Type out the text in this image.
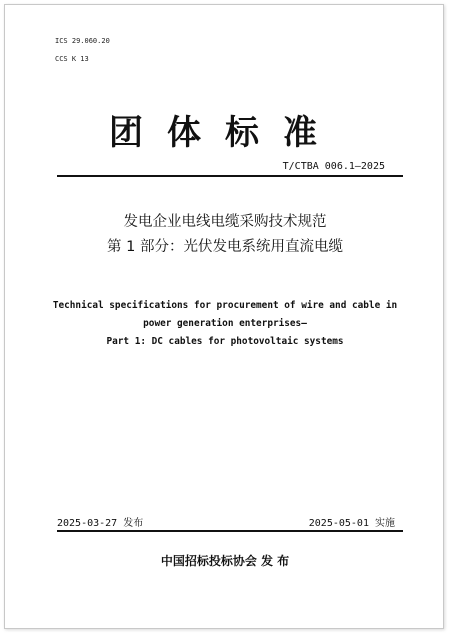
ICS 29.060.20
CCS K 13
团体标准
T/CTBA 006.1—2025
发电企业电线电缆采购技术规范
第 1 部分：光伏发电系统用直流电缆
Technical specifications for procurement of wire and cable in
power generation enterprises—
Part 1: DC cables for photovoltaic systems
2025-03-27 发布	2025-05-01 实施
中国招标投标协会 发 布
